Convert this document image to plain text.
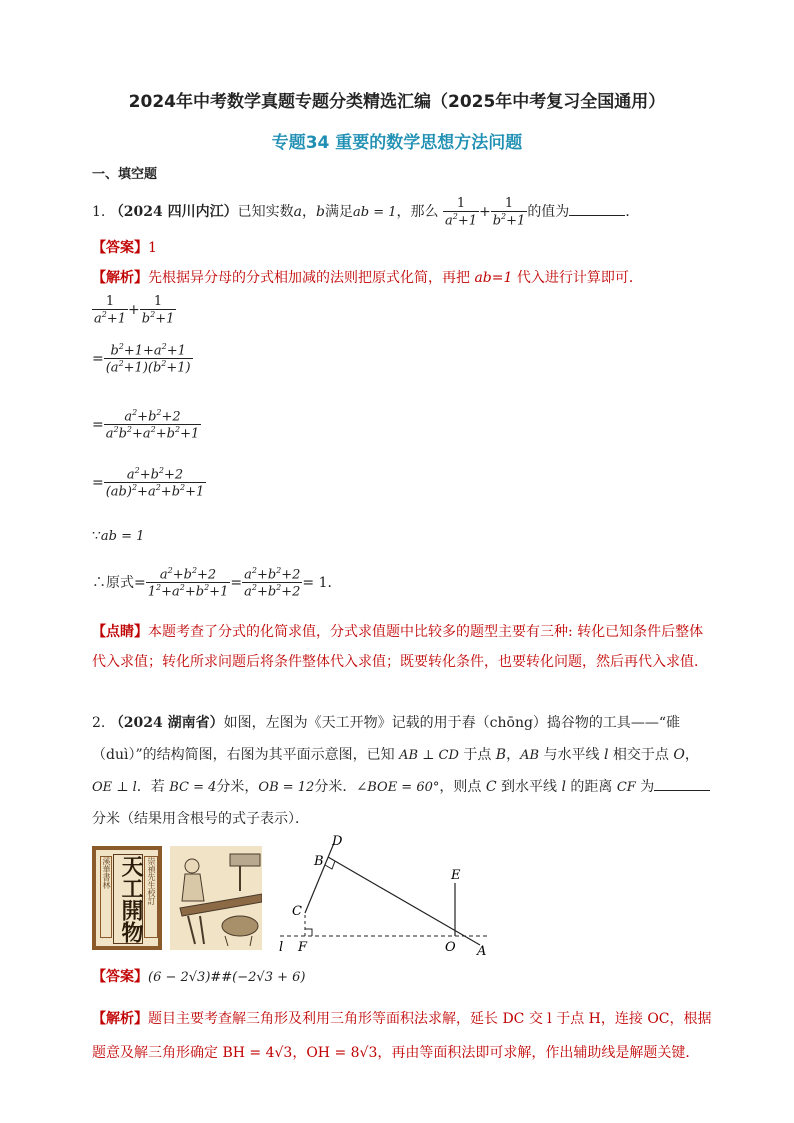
2024年中考数学真题专题分类精选汇编（2025年中考复习全国通用）
专题34 重要的数学思想方法问题
一、填空题
1. （2024 四川内江）已知实数a，b满足ab = 1，那么 $\frac{1}{a^2+1} + \frac{1}{b^2+1}$ 的值为	．
【答案】1
【解析】先根据异分母的分式相加减的法则把原式化简，再把 ab=1 代入进行计算即可．
$\frac{1}{a^2+1} + \frac{1}{b^2+1}$
= $\frac{b^2+1+a^2+1}{(a^2+1)(b^2+1)}$
= $\frac{a^2+b^2+2}{a^2b^2+a^2+b^2+1}$
= $\frac{a^2+b^2+2}{(ab)^2+a^2+b^2+1}$
∵ab = 1
∴原式= $\frac{a^2+b^2+2}{1^2+a^2+b^2+1} = \frac{a^2+b^2+2}{a^2+b^2+2} = 1$．
【点睛】本题考查了分式的化简求值，分式求值题中比较多的题型主要有三种: 转化已知条件后整体代入求值；转化所求问题后将条件整体代入求值；既要转化条件，也要转化问题，然后再代入求值．
2. （2024 湖南省）如图，左图为《天工开物》记载的用于舂（chōng）捣谷物的工具——“碓
（duì）”的结构简图，右图为其平面示意图，已知 AB ⊥ CD 于点 B，AB 与水平线 l 相交于点 O，
OE ⊥ l．若 BC = 4分米，OB = 12分米．∠BOE = 60°，则点 C 到水平线 l 的距离 CF 为
分米（结果用含根号的式子表示）．
溪華書林 天工開物 崇禎先生校訂
D
B
C
E
l F	O A
【答案】(6 − 2√3)##(−2√3 + 6)
【解析】题目主要考查解三角形及利用三角形等面积法求解，延长 DC 交 l 于点 H，连接 OC，根据
题意及解三角形确定 BH = 4√3，OH = 8√3，再由等面积法即可求解，作出辅助线是解题关键．
